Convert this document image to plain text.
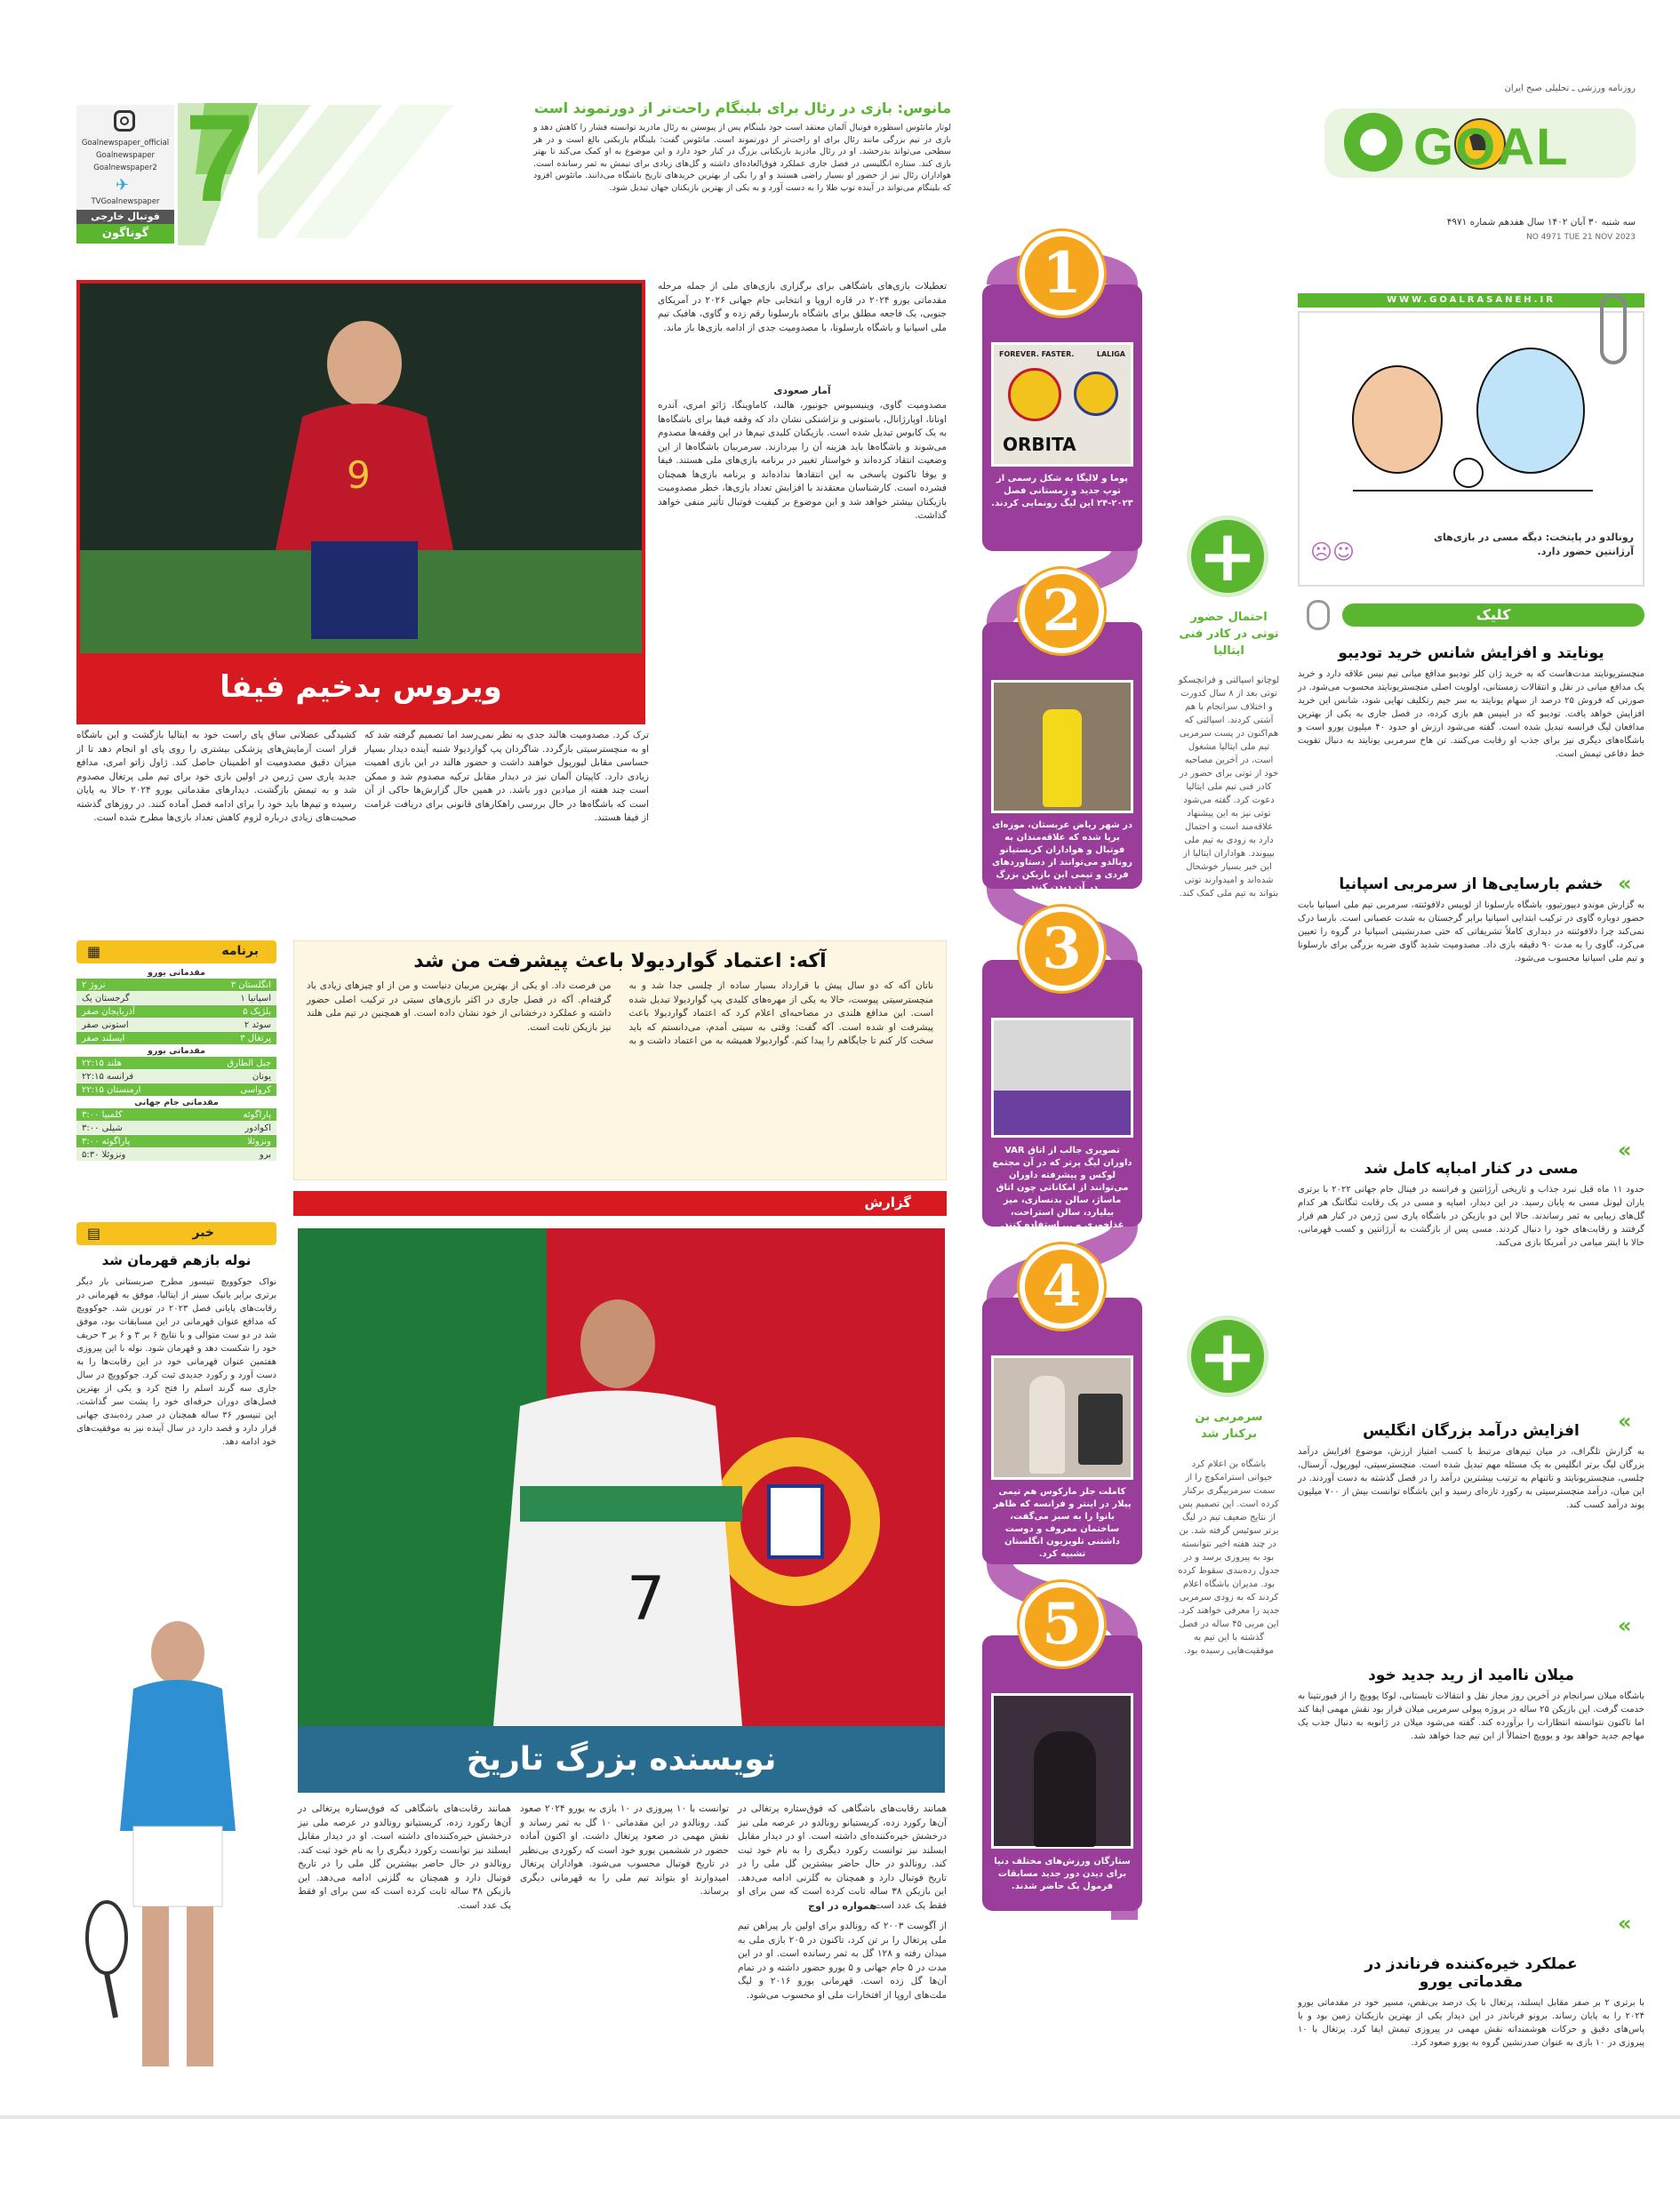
روزنامه ورزشی ـ تحلیلی صبح ایران
GOAL
سه شنبه ۳۰ آبان ۱۴۰۲ سال هفدهم شماره ۴۹۷۱
NO 4971 TUE 21 NOV 2023
WWW.GOALRASANEH.IR
Goalnewspaper_official
Goalnewspaper
Goalnewspaper2
✈
TVGoalnewspaper
فوتبال خارجی
گوناگون
7	مانوس: بازی در رئال برای بلینگام راحت‌تر از دورتموند است
لوتار ماتئوس اسطوره فوتبال آلمان معتقد است جود بلینگام پس از پیوستن به رئال مادرید توانسته فشار را کاهش دهد و بازی در تیم بزرگی مانند رئال برای او راحت‌تر از دورتموند است. ماتئوس گفت: بلینگام بازیکنی بالغ است و در هر سطحی می‌تواند بدرخشد. او در رئال مادرید بازیکنانی بزرگ در کنار خود دارد و این موضوع به او کمک می‌کند تا بهتر بازی کند. ستاره انگلیسی در فصل جاری عملکرد فوق‌العاده‌ای داشته و گل‌های زیادی برای تیمش به ثمر رسانده است. هواداران رئال نیز از حضور او بسیار راضی هستند و او را یکی از بهترین خریدهای تاریخ باشگاه می‌دانند. ماتئوس افزود که بلینگام می‌تواند در آینده توپ طلا را به دست آورد و به یکی از بهترین بازیکنان جهان تبدیل شود.
1
FOREVER. FASTER.	LALIGA
ORBITA
پوما و لالیگا به شکل رسمی از توپ جدید و زمستانی فصل ۲۰۲۳-۲۴ این لیگ رونمایی کردند.
2
در شهر ریاض عربستان، موزه‌ای برپا شده که علاقه‌مندان به فوتبال و هواداران کریستیانو رونالدو می‌توانند از دستاوردهای فردی و تیمی این بازیکن بزرگ در آن دیدن کنند.
3
تصویری جالب از اتاق VAR داوران لیگ پرتر که در آن مجتمع لوکس و پیشرفته داوران می‌توانند از امکاناتی چون اتاق ماساژ، سالن بدنسازی، میز بیلیارد، سالن استراحت، غذاخوری و ... استفاده کنند.
4
کاملت جلز مارکوس هم تیمی پیلار در اینتر و فرانسه که ظاهر بانوا را به سبز می‌گفت، ساختمان معروف و دوست داشتنی تلویزیون انگلستان تشبیه کرد.
5
ستارگان ورزش‌های مختلف دنیا برای دیدن دور جدید مسابقات فرمول یک حاضر شدند.
+
احتمال حضور توتی در کادر فنی ایتالیا
لوچانو اسپالتی و فرانچسکو توتی بعد از ۸ سال کدورت و اختلاف سرانجام با هم آشتی کردند. اسپالتی که هم‌اکنون در پست سرمربی تیم ملی ایتالیا مشغول است، در آخرین مصاحبه خود از توتی برای حضور در کادر فنی تیم ملی ایتالیا دعوت کرد. گفته می‌شود توتی نیز به این پیشنهاد علاقه‌مند است و احتمال دارد به زودی به تیم ملی بپیوندد. هواداران ایتالیا از این خبر بسیار خوشحال شده‌اند و امیدوارند توتی بتواند به تیم ملی کمک کند.
+
سرمربی بن برکنار شد
باشگاه بن اعلام کرد جیوانی استرامکوچ را از سمت سرمربیگری برکنار کرده است. این تصمیم پس از نتایج ضعیف تیم در لیگ برتر سوئیس گرفته شد. بن در چند هفته اخیر نتوانسته بود به پیروزی برسد و در جدول رده‌بندی سقوط کرده بود. مدیران باشگاه اعلام کردند که به زودی سرمربی جدید را معرفی خواهند کرد. این مربی ۴۵ ساله در فصل گذشته با این تیم به موفقیت‌هایی رسیده بود.
رونالدو در پایتخت: دیگه مسی در بازی‌های آرژانتین حضور دارد.
☹☺
کلیک
یونایتد و افزایش شانس خرید تودیبو
منچستریونایتد مدت‌هاست که به خرید ژان کلر تودیبو مدافع میانی تیم نیس علاقه دارد و خرید یک مدافع میانی در نقل و انتقالات زمستانی، اولویت اصلی منچستریونایتد محسوب می‌شود. در صورتی که فروش ۲۵ درصد از سهام یونایتد به سر جیم رتکلیف نهایی شود، شانس این خرید افزایش خواهد یافت. تودیبو که در اینیس هم بازی کرده، در فصل جاری به یکی از بهترین مدافعان لیگ فرانسه تبدیل شده است. گفته می‌شود ارزش او حدود ۴۰ میلیون یورو است و باشگاه‌های دیگری نیز برای جذب او رقابت می‌کنند. تن هاخ سرمربی یونایتد به دنبال تقویت خط دفاعی تیمش است.
«
خشم بارسایی‌ها از سرمربی اسپانیا
به گزارش موندو دیپورتیوو، باشگاه بارسلونا از لوییس دلافوئنته، سرمربی تیم ملی اسپانیا بابت حضور دوباره گاوی در ترکیب ابتدایی اسپانیا برابر گرجستان به شدت عصبانی است. بارسا درک نمی‌کند چرا دلافوئنته در دیداری کاملاً تشریفاتی که حتی صدرنشینی اسپانیا در گروه را تعیین می‌کرد، گاوی را به مدت ۹۰ دقیقه بازی داد. مصدومیت شدید گاوی ضربه بزرگی برای بارسلونا و تیم ملی اسپانیا محسوب می‌شود.
«
مسی در کنار امباپه کامل شد
حدود ۱۱ ماه قبل نبرد جذاب و تاریخی آرژانتین و فرانسه در فینال جام جهانی ۲۰۲۲ با برتری یاران لیونل مسی به پایان رسید. در این دیدار، امباپه و مسی در یک رقابت تنگاتنگ هر کدام گل‌های زیبایی به ثمر رساندند. حالا این دو بازیکن در باشگاه پاری سن ژرمن در کنار هم قرار گرفتند و رقابت‌های خود را دنبال کردند. مسی پس از بازگشت به آرژانتین و کسب قهرمانی، حالا با اینتر میامی در آمریکا بازی می‌کند.
«
افزایش درآمد بزرگان انگلیس
به گزارش تلگراف، در میان تیم‌های مرتبط با کسب امتیاز ارزش، موضوع افزایش درآمد بزرگان لیگ برتر انگلیس به یک مسئله مهم تبدیل شده است. منچسترسیتی، لیورپول، آرسنال، چلسی، منچستریونایتد و تاتنهام به ترتیب بیشترین درآمد را در فصل گذشته به دست آوردند. در این میان، درآمد منچسترسیتی به رکورد تازه‌ای رسید و این باشگاه توانست بیش از ۷۰۰ میلیون پوند درآمد کسب کند.
«
میلان ناامید از رید جدید خود
باشگاه میلان سرانجام در آخرین روز مجاز نقل و انتقالات تابستانی، لوکا یوویچ را از فیورنتینا به خدمت گرفت. این بازیکن ۲۵ ساله در پروژه پیولی سرمربی میلان قرار بود نقش مهمی ایفا کند اما تاکنون نتوانسته انتظارات را برآورده کند. گفته می‌شود میلان در ژانویه به دنبال جذب یک مهاجم جدید خواهد بود و یوویچ احتمالاً از این تیم جدا خواهد شد.
«
عملکرد خیره‌کننده فرناندز در مقدماتی یورو
با برتری ۲ بر صفر مقابل ایسلند، پرتغال با یک درصد بی‌نقص، مسیر خود در مقدماتی یورو ۲۰۲۴ را به پایان رساند. برونو فرناندز در این دیدار یکی از بهترین بازیکنان زمین بود و با پاس‌های دقیق و حرکات هوشمندانه نقش مهمی در پیروزی تیمش ایفا کرد. پرتغال با ۱۰ پیروزی در ۱۰ بازی به عنوان صدرنشین گروه به یورو صعود کرد.
9
ویروس بدخیم فیفا
تعطیلات بازی‌های باشگاهی برای برگزاری بازی‌های ملی از جمله مرحله مقدماتی یورو ۲۰۲۴ در قاره اروپا و انتخابی جام جهانی ۲۰۲۶ در آمریکای جنوبی، یک فاجعه مطلق برای باشگاه بارسلونا رقم زده و گاوی، هافبک تیم ملی اسپانیا و باشگاه بارسلونا، با مصدومیت جدی از ادامه بازی‌ها باز ماند.
آمار صعودی
مصدومیت گاوی، وینیسیوس جونیور، هالند، کاماوینگا، ژائو امری، آندره اونانا، اوپارژانال، باستونی و نزاشنکی نشان داد که وقفه فیفا برای باشگاه‌ها به یک کابوس تبدیل شده است. بازیکنان کلیدی تیم‌ها در این وقفه‌ها مصدوم می‌شوند و باشگاه‌ها باید هزینه آن را بپردازند. سرمربیان باشگاه‌ها از این وضعیت انتقاد کرده‌اند و خواستار تغییر در برنامه بازی‌های ملی هستند. فیفا و یوفا تاکنون پاسخی به این انتقادها نداده‌اند و برنامه بازی‌ها همچنان فشرده است. کارشناسان معتقدند با افزایش تعداد بازی‌ها، خطر مصدومیت بازیکنان بیشتر خواهد شد و این موضوع بر کیفیت فوتبال تأثیر منفی خواهد گذاشت.
ترک کرد. مصدومیت هالند جدی به نظر نمی‌رسد اما تصمیم گرفته شد که او به منچسترسیتی بازگردد. شاگردان پپ گواردیولا شنبه آینده دیدار بسیار حساسی مقابل لیورپول خواهند داشت و حضور هالند در این بازی اهمیت زیادی دارد. کاپیتان آلمان نیز در دیدار مقابل ترکیه مصدوم شد و ممکن است چند هفته از میادین دور باشد. در همین حال گزارش‌ها حاکی از آن است که باشگاه‌ها در حال بررسی راهکارهای قانونی برای دریافت غرامت از فیفا هستند.
کشیدگی عضلانی ساق پای راست خود به ایتالیا بازگشت و این باشگاه قرار است آزمایش‌های پزشکی بیشتری را روی پای او انجام دهد تا از میزان دقیق مصدومیت او اطمینان حاصل کند. ژاول زاتو امری، مدافع جدید پاری سن ژرمن در اولین بازی خود برای تیم ملی پرتغال مصدوم شد و به تیمش بازگشت. دیدارهای مقدماتی یورو ۲۰۲۴ حالا به پایان رسیده و تیم‌ها باید خود را برای ادامه فصل آماده کنند. در روزهای گذشته صحبت‌های زیادی درباره لزوم کاهش تعداد بازی‌ها مطرح شده است.
برنامه
▦
مقدماتی یورو
نروژ ۲	انگلستان ۳
گرجستان یک	اسپانیا ۱
آذربایجان صفر	بلژیک ۵
استونی صفر	سوئد ۲
ایسلند صفر	پرتغال ۳
مقدماتی یورو
هلند ۲۲:۱۵	جبل الطارق
فرانسه ۲۲:۱۵	یونان
ارمنستان ۲۲:۱۵	کرواسی
مقدماتی جام جهانی
کلمبیا ۳:۰۰	پاراگوئه
شیلی ۳:۰۰	اکوادور
پاراگوئه ۳:۰۰	ونزوئلا
ونزوئلا ۵:۳۰	برو
آکه: اعتماد گواردیولا باعث پیشرفت من شد
ناتان آکه که دو سال پیش با قرارداد بسیار ساده از چلسی جدا شد و به منچسترسیتی پیوست، حالا به یکی از مهره‌های کلیدی پپ گواردیولا تبدیل شده است. این مدافع هلندی در مصاحبه‌ای اعلام کرد که اعتماد گواردیولا باعث پیشرفت او شده است. آکه گفت: وقتی به سیتی آمدم، می‌دانستم که باید سخت کار کنم تا جایگاهم را پیدا کنم. گواردیولا همیشه به من اعتماد داشت و به من فرصت داد. او یکی از بهترین مربیان دنیاست و من از او چیزهای زیادی یاد گرفته‌ام. آکه در فصل جاری در اکثر بازی‌های سیتی در ترکیب اصلی حضور داشته و عملکرد درخشانی از خود نشان داده است. او همچنین در تیم ملی هلند نیز بازیکن ثابت است.
خبر
▤
نوله بازهم قهرمان شد
نواک جوکوویچ تنیسور مطرح صربستانی بار دیگر برتری برابر یانیک سینر از ایتالیا، موفق به قهرمانی در رقابت‌های پایانی فصل ۲۰۲۳ در تورین شد. جوکوویچ که مدافع عنوان قهرمانی در این مسابقات بود، موفق شد در دو ست متوالی و با نتایج ۶ بر ۳ و ۶ بر ۳ حریف خود را شکست دهد و قهرمان شود. نوله با این پیروزی هفتمین عنوان قهرمانی خود در این رقابت‌ها را به دست آورد و رکورد جدیدی ثبت کرد. جوکوویچ در سال جاری سه گرند اسلم را فتح کرد و یکی از بهترین فصل‌های دوران حرفه‌ای خود را پشت سر گذاشت. این تنیسور ۳۶ ساله همچنان در صدر رده‌بندی جهانی قرار دارد و قصد دارد در سال آینده نیز به موفقیت‌های خود ادامه دهد.
گزارش
7
نویسنده بزرگ تاریخ
همانند رقابت‌های باشگاهی که فوق‌ستاره پرتغالی در آن‌ها رکورد زده، کریستیانو رونالدو در عرصه ملی نیز درخشش خیره‌کننده‌ای داشته است. او در دیدار مقابل ایسلند نیز توانست رکورد دیگری را به نام خود ثبت کند. رونالدو در حال حاضر بیشترین گل ملی را در تاریخ فوتبال دارد و همچنان به گلزنی ادامه می‌دهد. این بازیکن ۳۸ ساله ثابت کرده است که سن برای او فقط یک عدد است.
همواره در اوج
از آگوست ۲۰۰۳ که رونالدو برای اولین بار پیراهن تیم ملی پرتغال را بر تن کرد، تاکنون در ۲۰۵ بازی ملی به میدان رفته و ۱۲۸ گل به ثمر رسانده است. او در این مدت در ۵ جام جهانی و ۵ یورو حضور داشته و در تمام آن‌ها گل زده است. قهرمانی یورو ۲۰۱۶ و لیگ ملت‌های اروپا از افتخارات ملی او محسوب می‌شود.
توانست با ۱۰ پیروزی در ۱۰ بازی به یورو ۲۰۲۴ صعود کند. رونالدو در این مقدماتی ۱۰ گل به ثمر رساند و نقش مهمی در صعود پرتغال داشت. او اکنون آماده حضور در ششمین یورو خود است که رکوردی بی‌نظیر در تاریخ فوتبال محسوب می‌شود. هواداران پرتغال امیدوارند او بتواند تیم ملی را به قهرمانی دیگری برساند.
همانند رقابت‌های باشگاهی که فوق‌ستاره پرتغالی در آن‌ها رکورد زده، کریستیانو رونالدو در عرصه ملی نیز درخشش خیره‌کننده‌ای داشته است. او در دیدار مقابل ایسلند نیز توانست رکورد دیگری را به نام خود ثبت کند. رونالدو در حال حاضر بیشترین گل ملی را در تاریخ فوتبال دارد و همچنان به گلزنی ادامه می‌دهد. این بازیکن ۳۸ ساله ثابت کرده است که سن برای او فقط یک عدد است.
